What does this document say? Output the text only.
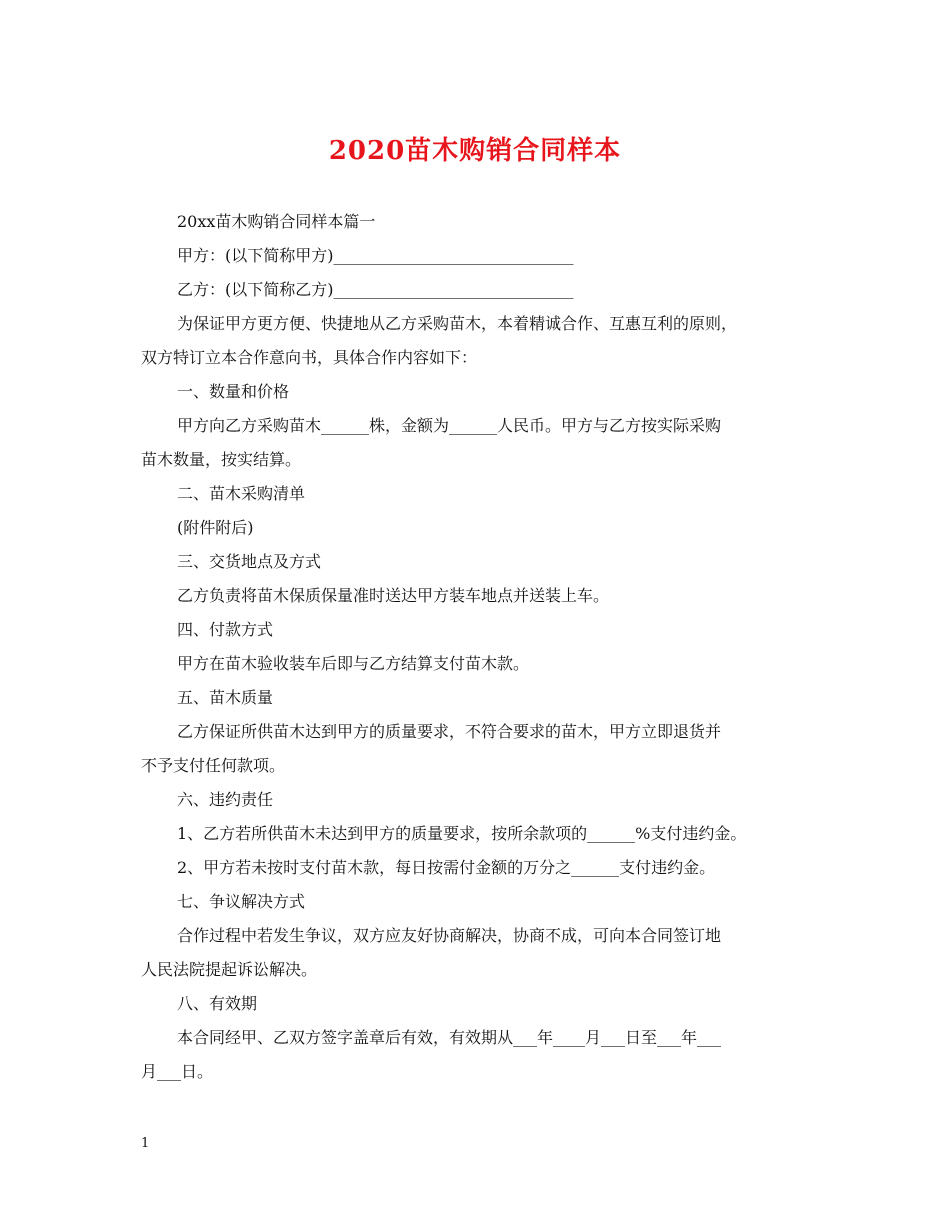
2020苗木购销合同样本

20xx苗木购销合同样本篇一

甲方：(以下简称甲方)______________________________

乙方：(以下简称乙方)______________________________

为保证甲方更方便、快捷地从乙方采购苗木，本着精诚合作、互惠互利的原则，

双方特订立本合作意向书，具体合作内容如下：

一、数量和价格

甲方向乙方采购苗木______株，金额为______人民币。甲方与乙方按实际采购

苗木数量，按实结算。

二、苗木采购清单

(附件附后)

三、交货地点及方式

乙方负责将苗木保质保量准时送达甲方装车地点并送装上车。

四、付款方式

甲方在苗木验收装车后即与乙方结算支付苗木款。

五、苗木质量

乙方保证所供苗木达到甲方的质量要求，不符合要求的苗木，甲方立即退货并

不予支付任何款项。

六、违约责任

1、乙方若所供苗木未达到甲方的质量要求，按所余款项的______%支付违约金。

2、甲方若未按时支付苗木款，每日按需付金额的万分之______支付违约金。

七、争议解决方式

合作过程中若发生争议，双方应友好协商解决，协商不成，可向本合同签订地

人民法院提起诉讼解决。

八、有效期

本合同经甲、乙双方签字盖章后有效，有效期从___年____月___日至___年___

月___日。

1
